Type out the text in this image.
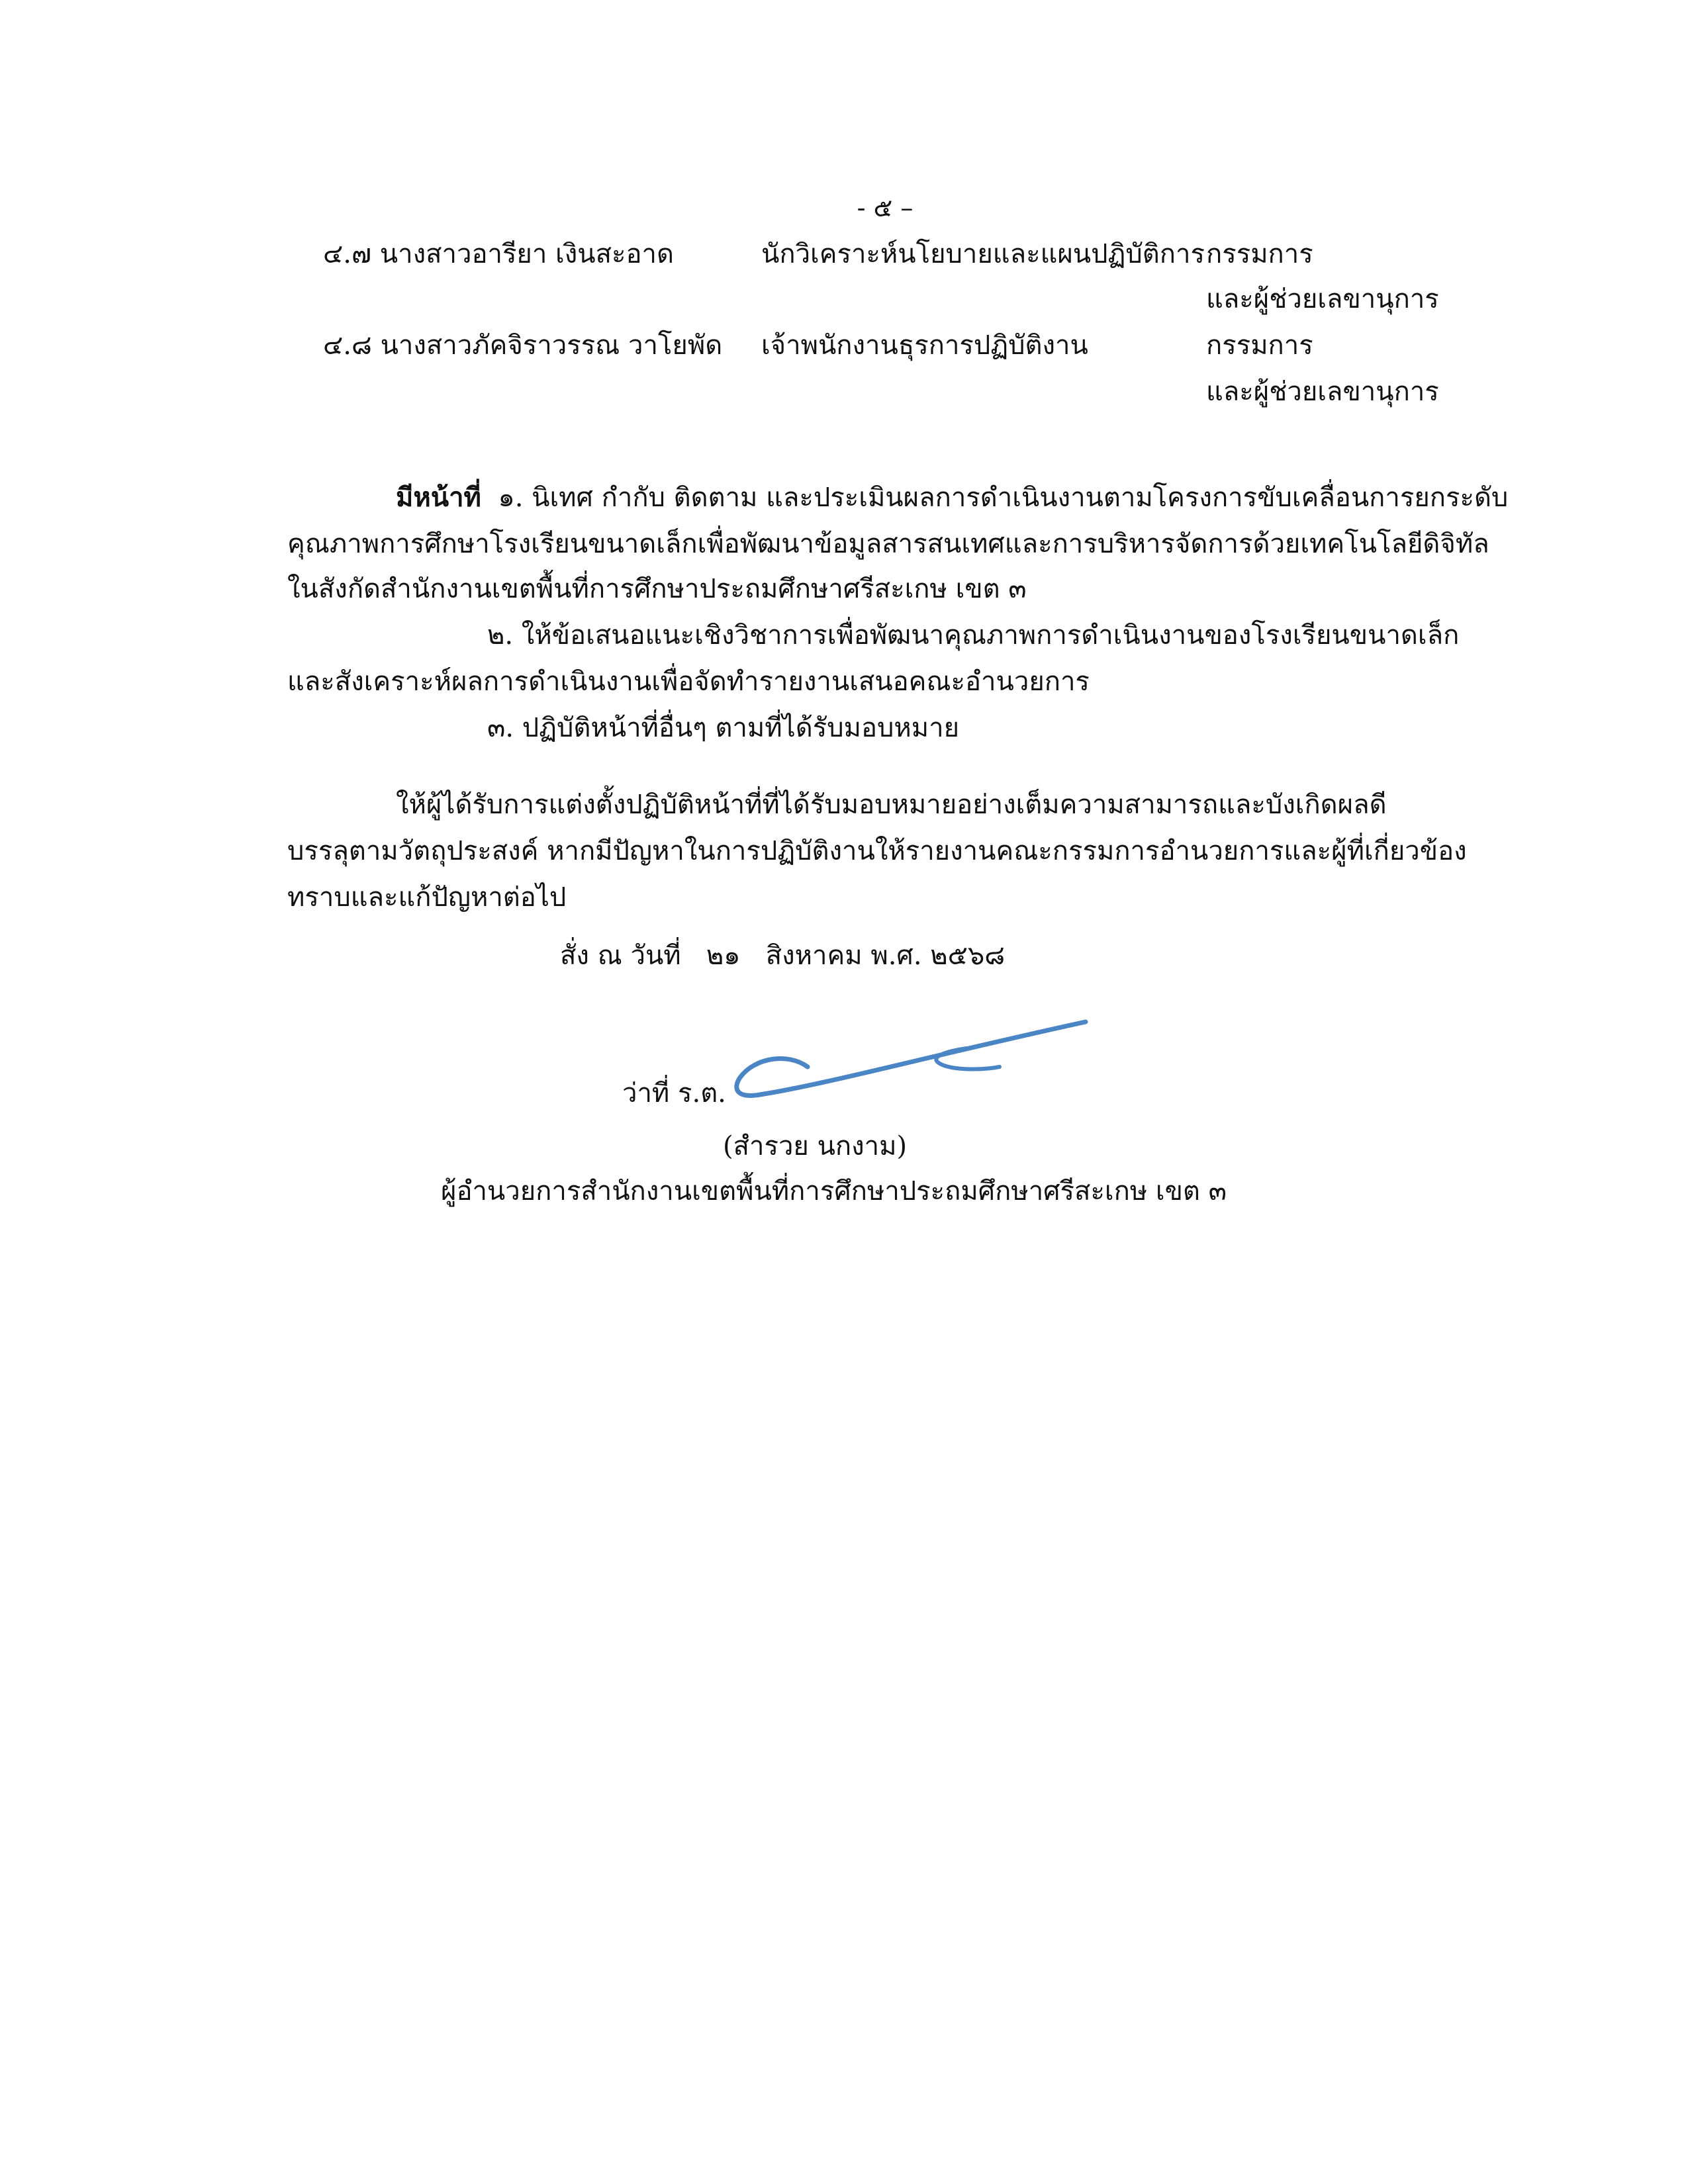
- ๕ –
๔.๗ นางสาวอารียา เงินสะอาด	นักวิเคราะห์นโยบายและแผนปฏิบัติการ กรรมการ
และผู้ช่วยเลขานุการ
๔.๘ นางสาวภัคจิราวรรณ วาโยพัด เจ้าพนักงานธุรการปฏิบัติงาน	กรรมการ
และผู้ช่วยเลขานุการ
มีหน้าที่ ๑. นิเทศ กำกับ ติดตาม และประเมินผลการดำเนินงานตามโครงการขับเคลื่อนการยกระดับ
คุณภาพการศึกษาโรงเรียนขนาดเล็กเพื่อพัฒนาข้อมูลสารสนเทศและการบริหารจัดการด้วยเทคโนโลยีดิจิทัล
ในสังกัดสำนักงานเขตพื้นที่การศึกษาประถมศึกษาศรีสะเกษ เขต ๓
๒. ให้ข้อเสนอแนะเชิงวิชาการเพื่อพัฒนาคุณภาพการดำเนินงานของโรงเรียนขนาดเล็ก
และสังเคราะห์ผลการดำเนินงานเพื่อจัดทำรายงานเสนอคณะอำนวยการ
๓. ปฏิบัติหน้าที่อื่นๆ ตามที่ได้รับมอบหมาย
ให้ผู้ได้รับการแต่งตั้งปฏิบัติหน้าที่ที่ได้รับมอบหมายอย่างเต็มความสามารถและบังเกิดผลดี
บรรลุตามวัตถุประสงค์ หากมีปัญหาในการปฏิบัติงานให้รายงานคณะกรรมการอำนวยการและผู้ที่เกี่ยวข้อง
ทราบและแก้ปัญหาต่อไป
สั่ง ณ วันที่ ๒๑ สิงหาคม พ.ศ. ๒๕๖๘
ว่าที่ ร.ต.
(สำรวย นกงาม)
ผู้อำนวยการสำนักงานเขตพื้นที่การศึกษาประถมศึกษาศรีสะเกษ เขต ๓
